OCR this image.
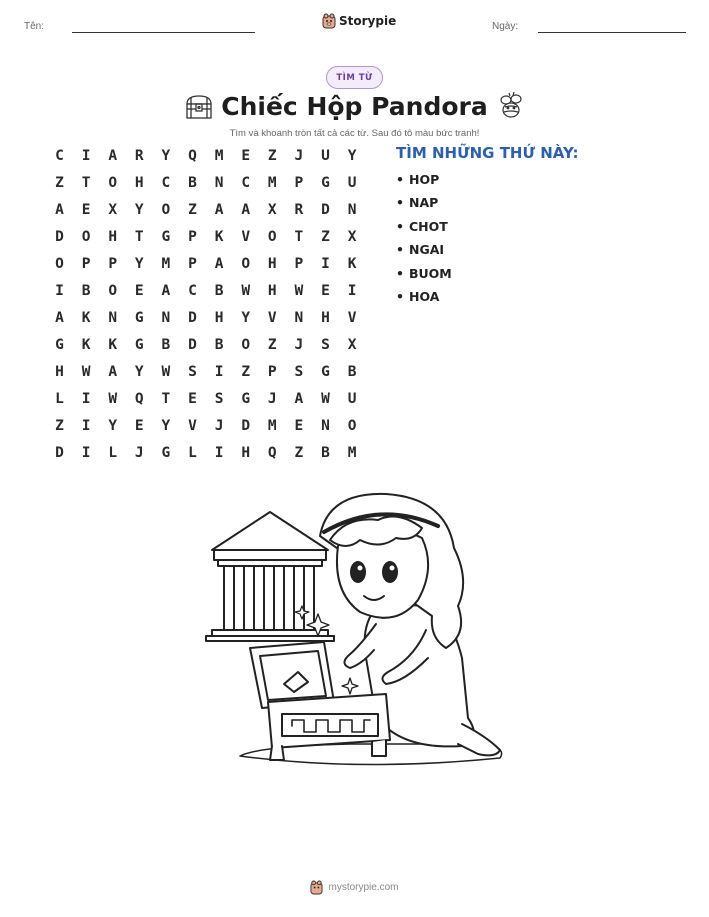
Tên:	Storypie	Ngày:
TÌM TỪ
Chiếc Hộp Pandora
Tìm và khoanh tròn tất cả các từ. Sau đó tô màu bức tranh!
C	I	A	R	Y	Q	M	E	Z	J	U	Y
Z	T	O	H	C	B	N	C	M	P	G	U
A	E	X	Y	O	Z	A	A	X	R	D	N
D	O	H	T	G	P	K	V	O	T	Z	X
O	P	P	Y	M	P	A	O	H	P	I	K
I	B	O	E	A	C	B	W	H	W	E	I
A	K	N	G	N	D	H	Y	V	N	H	V
G	K	K	G	B	D	B	O	Z	J	S	X
H	W	A	Y	W	S	I	Z	P	S	G	B
L	I	W	Q	T	E	S	G	J	A	W	U
Z	I	Y	E	Y	V	J	D	M	E	N	O
D	I	L	J	G	L	I	H	Q	Z	B	M
TÌM NHỮNG THỨ NÀY:
• HOP
• NAP
• CHOT
• NGAI
• BUOM
• HOA
mystorypie.com
